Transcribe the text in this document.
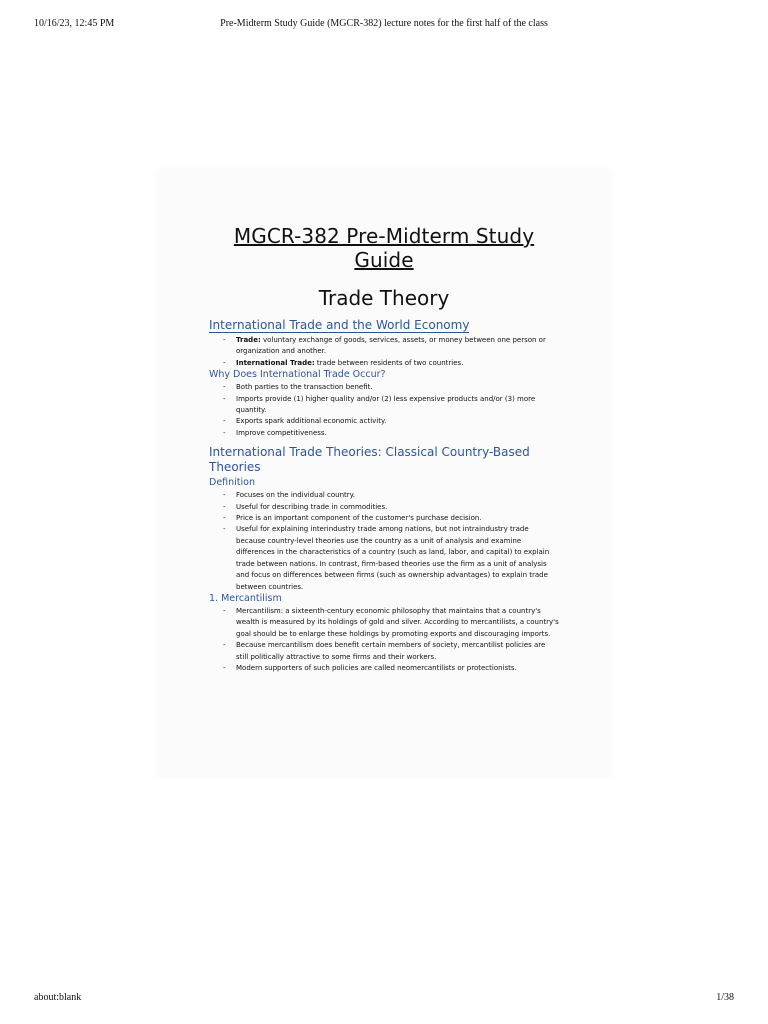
10/16/23, 12:45 PM	Pre-Midterm Study Guide (MGCR-382) lecture notes for the first half of the class
MGCR-382 Pre-Midterm Study Guide
Trade Theory
International Trade and the World Economy
- Trade: voluntary exchange of goods, services, assets, or money between one person or organization and another.
- International Trade: trade between residents of two countries.
Why Does International Trade Occur?
- Both parties to the transaction benefit.
- Imports provide (1) higher quality and/or (2) less expensive products and/or (3) more quantity.
- Exports spark additional economic activity.
- Improve competitiveness.
International Trade Theories: Classical Country-Based Theories
Definition
- Focuses on the individual country.
- Useful for describing trade in commodities.
- Price is an important component of the customer's purchase decision.
- Useful for explaining interindustry trade among nations, but not intraindustry trade because country-level theories use the country as a unit of analysis and examine differences in the characteristics of a country (such as land, labor, and capital) to explain trade between nations. In contrast, firm-based theories use the firm as a unit of analysis and focus on differences between firms (such as ownership advantages) to explain trade between countries.
1. Mercantilism
- Mercantilism: a sixteenth-century economic philosophy that maintains that a country's wealth is measured by its holdings of gold and silver. According to mercantilists, a country's goal should be to enlarge these holdings by promoting exports and discouraging imports.
- Because mercantilism does benefit certain members of society, mercantilist policies are still politically attractive to some firms and their workers.
- Modern supporters of such policies are called neomercantilists or protectionists.
about:blank	1/38
